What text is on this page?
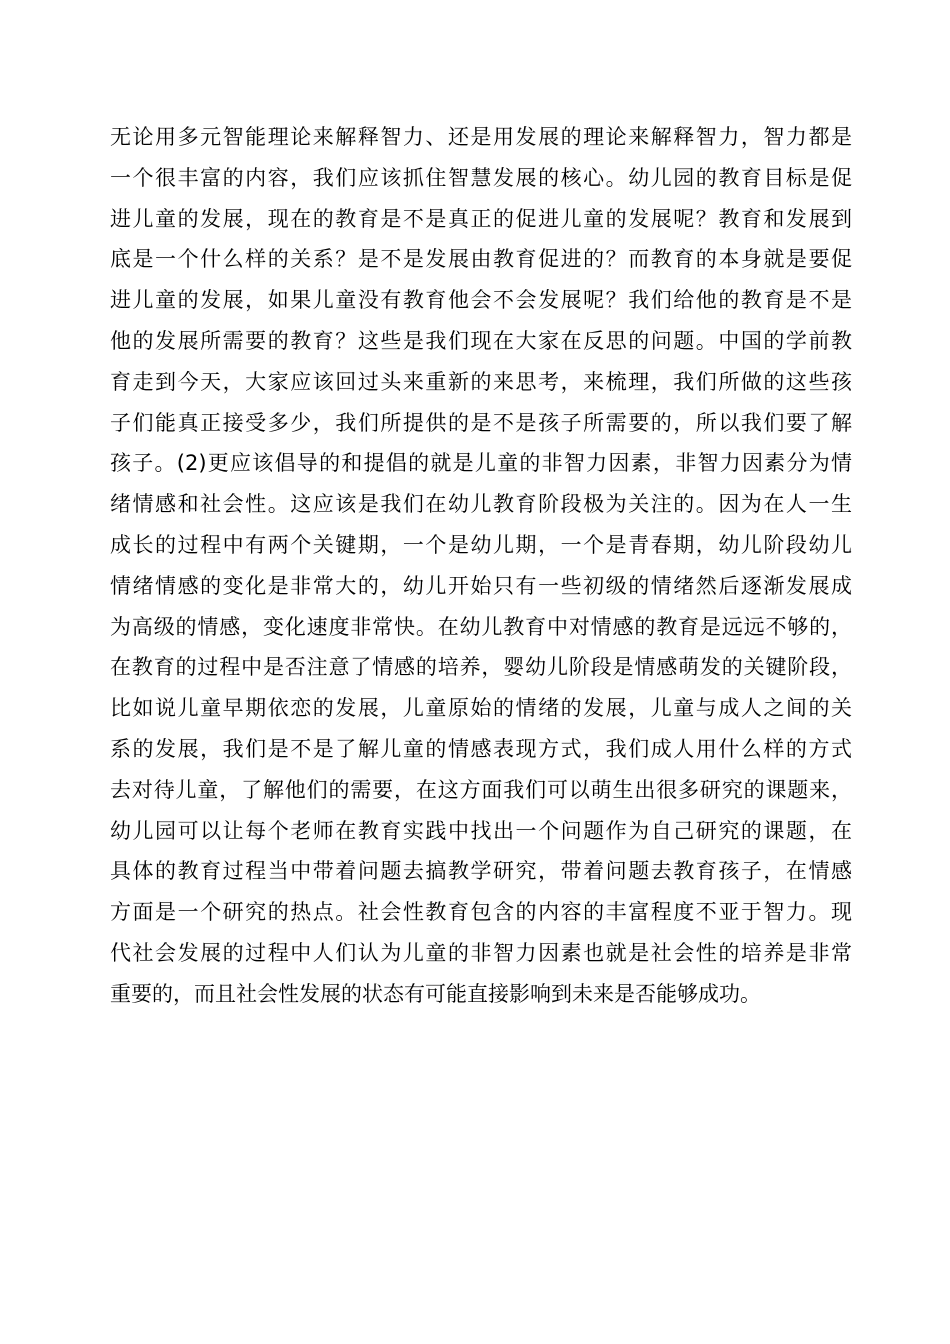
无论用多元智能理论来解释智力、还是用发展的理论来解释智力，智力都是
一个很丰富的内容，我们应该抓住智慧发展的核心。幼儿园的教育目标是促
进儿童的发展，现在的教育是不是真正的促进儿童的发展呢？教育和发展到
底是一个什么样的关系？是不是发展由教育促进的？而教育的本身就是要促
进儿童的发展，如果儿童没有教育他会不会发展呢？我们给他的教育是不是
他的发展所需要的教育？这些是我们现在大家在反思的问题。中国的学前教
育走到今天，大家应该回过头来重新的来思考，来梳理，我们所做的这些孩
子们能真正接受多少，我们所提供的是不是孩子所需要的，所以我们要了解
孩子。(2)更应该倡导的和提倡的就是儿童的非智力因素，非智力因素分为情
绪情感和社会性。这应该是我们在幼儿教育阶段极为关注的。因为在人一生
成长的过程中有两个关键期，一个是幼儿期，一个是青春期，幼儿阶段幼儿
情绪情感的变化是非常大的，幼儿开始只有一些初级的情绪然后逐渐发展成
为高级的情感，变化速度非常快。在幼儿教育中对情感的教育是远远不够的，
在教育的过程中是否注意了情感的培养，婴幼儿阶段是情感萌发的关键阶段，
比如说儿童早期依恋的发展，儿童原始的情绪的发展，儿童与成人之间的关
系的发展，我们是不是了解儿童的情感表现方式，我们成人用什么样的方式
去对待儿童，了解他们的需要，在这方面我们可以萌生出很多研究的课题来，
幼儿园可以让每个老师在教育实践中找出一个问题作为自己研究的课题，在
具体的教育过程当中带着问题去搞教学研究，带着问题去教育孩子，在情感
方面是一个研究的热点。社会性教育包含的内容的丰富程度不亚于智力。现
代社会发展的过程中人们认为儿童的非智力因素也就是社会性的培养是非常
重要的，而且社会性发展的状态有可能直接影响到未来是否能够成功。
